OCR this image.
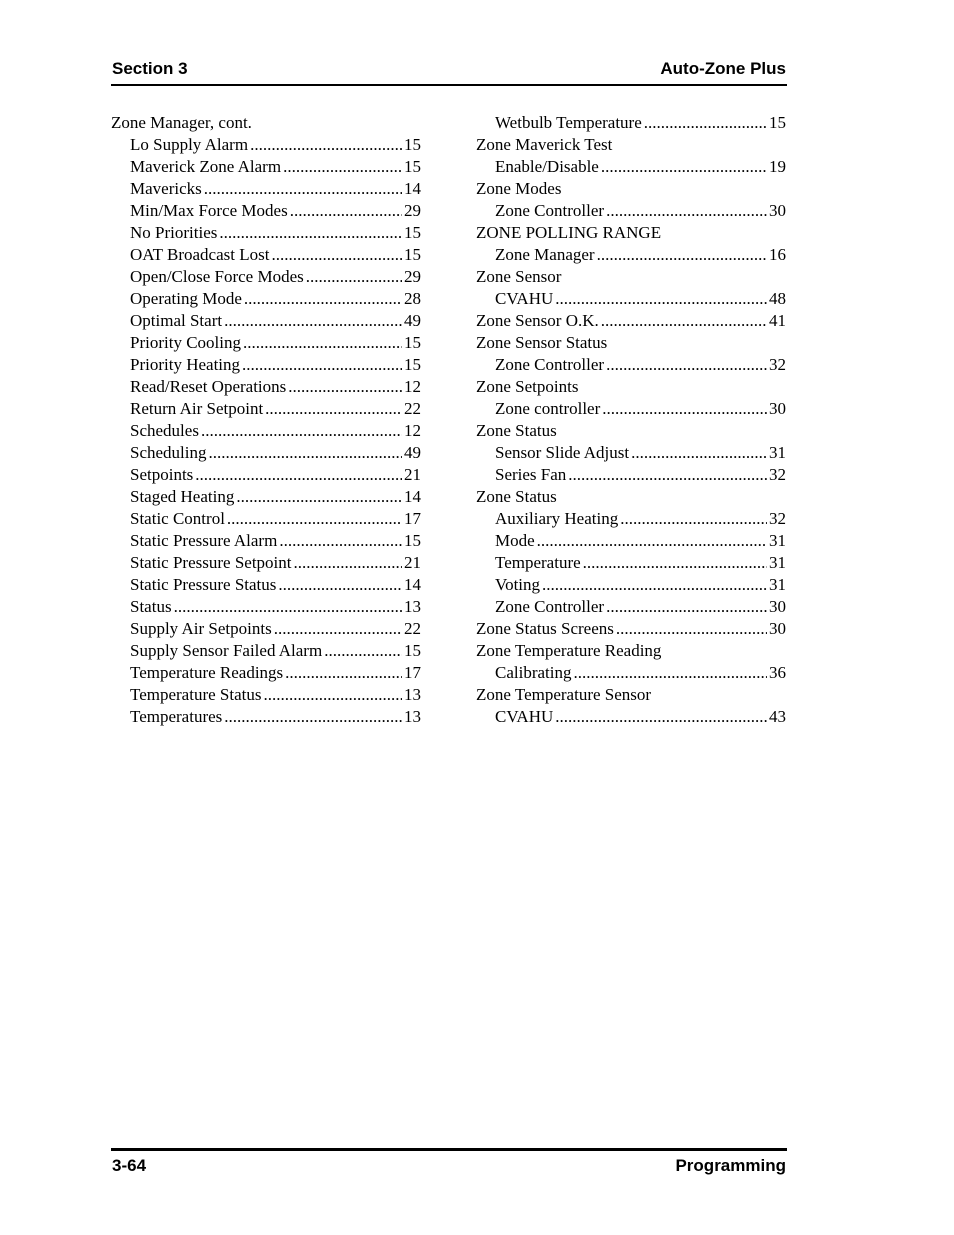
Section 3	Auto-Zone Plus
Zone Manager, cont.
Lo Supply Alarm .....	15
Maverick Zone Alarm .....	15
Mavericks .....	14
Min/Max Force Modes .....	29
No Priorities .....	15
OAT Broadcast Lost .....	15
Open/Close Force Modes .....	29
Operating Mode .....	28
Optimal Start .....	49
Priority Cooling .....	15
Priority Heating .....	15
Read/Reset Operations .....	12
Return Air Setpoint .....	22
Schedules .....	12
Scheduling .....	49
Setpoints .....	21
Staged Heating .....	14
Static Control .....	17
Static Pressure Alarm .....	15
Static Pressure Setpoint .....	21
Static Pressure Status .....	14
Status .....	13
Supply Air Setpoints .....	22
Supply Sensor Failed Alarm .....	15
Temperature Readings .....	17
Temperature Status .....	13
Temperatures .....	13
Wetbulb Temperature .....	15
Zone Maverick Test
Enable/Disable .....	19
Zone Modes
Zone Controller .....	30
ZONE POLLING RANGE
Zone Manager .....	16
Zone Sensor
CVAHU .....	48
Zone Sensor O.K. .....	41
Zone Sensor Status
Zone Controller .....	32
Zone Setpoints
Zone controller .....	30
Zone Status
Sensor Slide Adjust .....	31
Series Fan .....	32
Zone Status
Auxiliary Heating .....	32
Mode .....	31
Temperature .....	31
Voting .....	31
Zone Controller .....	30
Zone Status Screens .....	30
Zone Temperature Reading
Calibrating .....	36
Zone Temperature Sensor
CVAHU .....	43
3-64	Programming
